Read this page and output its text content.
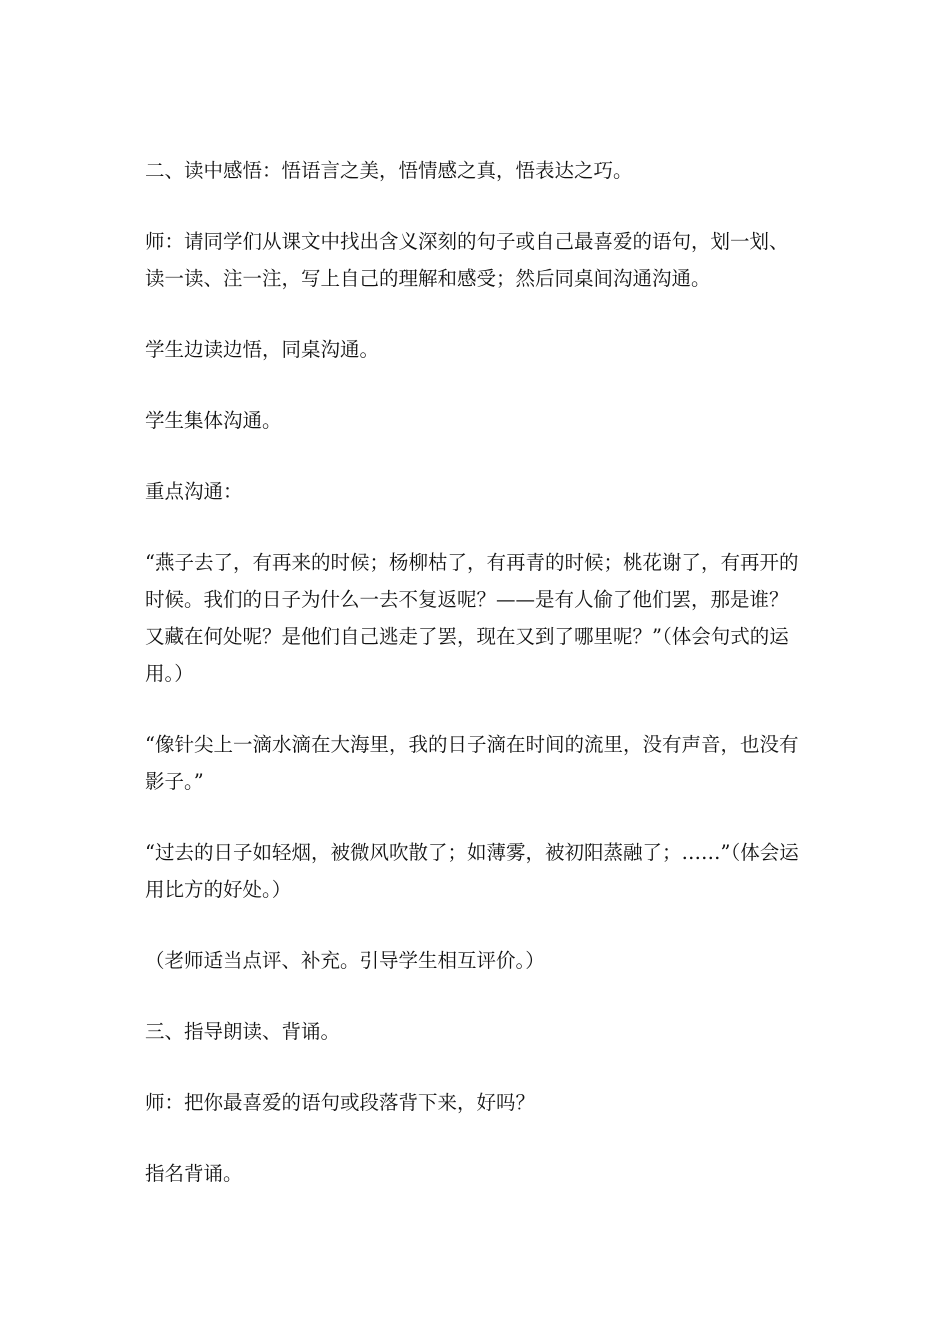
二、读中感悟：悟语言之美，悟情感之真，悟表达之巧。

师：请同学们从课文中找出含义深刻的句子或自己最喜爱的语句，划一划、读一读、注一注，写上自己的理解和感受；然后同桌间沟通沟通。

学生边读边悟，同桌沟通。

学生集体沟通。

重点沟通：

“燕子去了，有再来的时候；杨柳枯了，有再青的时候；桃花谢了，有再开的时候。我们的日子为什么一去不复返呢？——是有人偷了他们罢，那是谁？又藏在何处呢？是他们自己逃走了罢，现在又到了哪里呢？”（体会句式的运用。）

“像针尖上一滴水滴在大海里，我的日子滴在时间的流里，没有声音，也没有影子。”

“过去的日子如轻烟，被微风吹散了；如薄雾，被初阳蒸融了；……”（体会运用比方的好处。）

（老师适当点评、补充。引导学生相互评价。）

三、指导朗读、背诵。

师：把你最喜爱的语句或段落背下来，好吗？

指名背诵。
